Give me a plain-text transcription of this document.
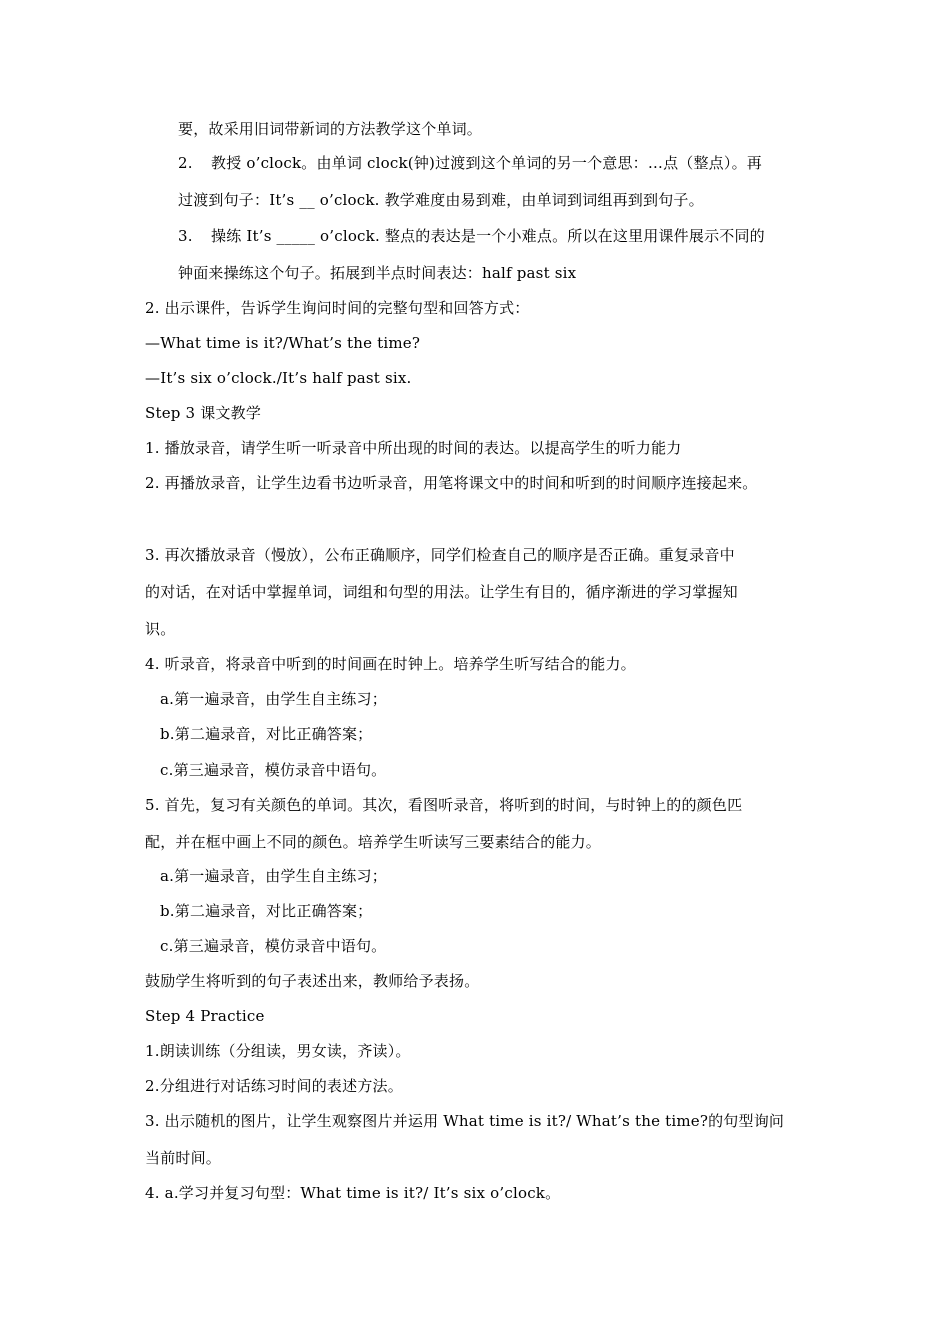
要，故采用旧词带新词的方法教学这个单词。
2. 教授 o’clock。由单词 clock(钟)过渡到这个单词的另一个意思：…点（整点）。再
过渡到句子：It’s __ o’clock. 教学难度由易到难，由单词到词组再到到句子。
3. 操练 It’s _____ o’clock. 整点的表达是一个小难点。所以在这里用课件展示不同的
钟面来操练这个句子。拓展到半点时间表达：half past six
2. 出示课件，告诉学生询问时间的完整句型和回答方式：
—What time is it?/What’s the time?
—It’s six o’clock./It’s half past six.
Step 3 课文教学
1. 播放录音，请学生听一听录音中所出现的时间的表达。以提高学生的听力能力
2. 再播放录音，让学生边看书边听录音，用笔将课文中的时间和听到的时间顺序连接起来。
3. 再次播放录音（慢放），公布正确顺序，同学们检查自己的顺序是否正确。重复录音中
的对话，在对话中掌握单词，词组和句型的用法。让学生有目的，循序渐进的学习掌握知
识。
4. 听录音，将录音中听到的时间画在时钟上。培养学生听写结合的能力。
a.第一遍录音，由学生自主练习；
b.第二遍录音，对比正确答案；
c.第三遍录音，模仿录音中语句。
5. 首先，复习有关颜色的单词。其次，看图听录音，将听到的时间，与时钟上的的颜色匹
配，并在框中画上不同的颜色。培养学生听读写三要素结合的能力。
a.第一遍录音，由学生自主练习；
b.第二遍录音，对比正确答案；
c.第三遍录音，模仿录音中语句。
鼓励学生将听到的句子表述出来，教师给予表扬。
Step 4 Practice
1.朗读训练（分组读，男女读，齐读）。
2.分组进行对话练习时间的表述方法。
3. 出示随机的图片，让学生观察图片并运用 What time is it?/ What’s the time?的句型询问
当前时间。
4. a.学习并复习句型：What time is it?/ It’s six o’clock。
